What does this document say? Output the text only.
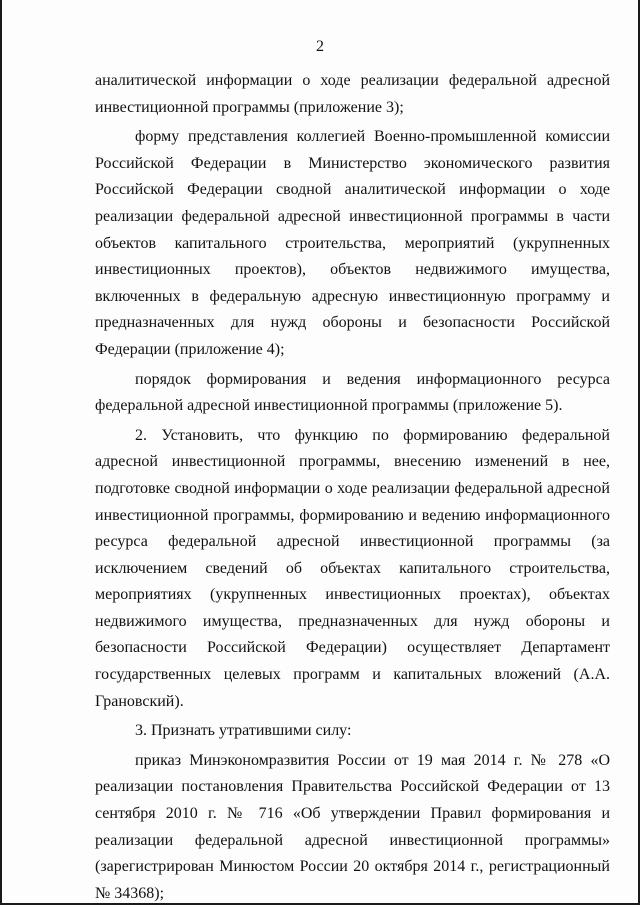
2

аналитической информации о ходе реализации федеральной адресной инвестиционной программы (приложение 3);

форму представления коллегией Военно-промышленной комиссии Российской Федерации в Министерство экономического развития Российской Федерации сводной аналитической информации о ходе реализации федеральной адресной инвестиционной программы в части объектов капитального строительства, мероприятий (укрупненных инвестиционных проектов), объектов недвижимого имущества, включенных в федеральную адресную инвестиционную программу и предназначенных для нужд обороны и безопасности Российской Федерации (приложение 4);

порядок формирования и ведения информационного ресурса федеральной адресной инвестиционной программы (приложение 5).

2. Установить, что функцию по формированию федеральной адресной инвестиционной программы, внесению изменений в нее, подготовке сводной информации о ходе реализации федеральной адресной инвестиционной программы, формированию и ведению информационного ресурса федеральной адресной инвестиционной программы (за исключением сведений об объектах капитального строительства, мероприятиях (укрупненных инвестиционных проектах), объектах недвижимого имущества, предназначенных для нужд обороны и безопасности Российской Федерации) осуществляет Департамент государственных целевых программ и капитальных вложений (А.А. Грановский).

3. Признать утратившими силу:

приказ Минэкономразвития России от 19 мая 2014 г. № 278 «О реализации постановления Правительства Российской Федерации от 13 сентября 2010 г. № 716 «Об утверждении Правил формирования и реализации федеральной адресной инвестиционной программы» (зарегистрирован Минюстом России 20 октября 2014 г., регистрационный № 34368);
